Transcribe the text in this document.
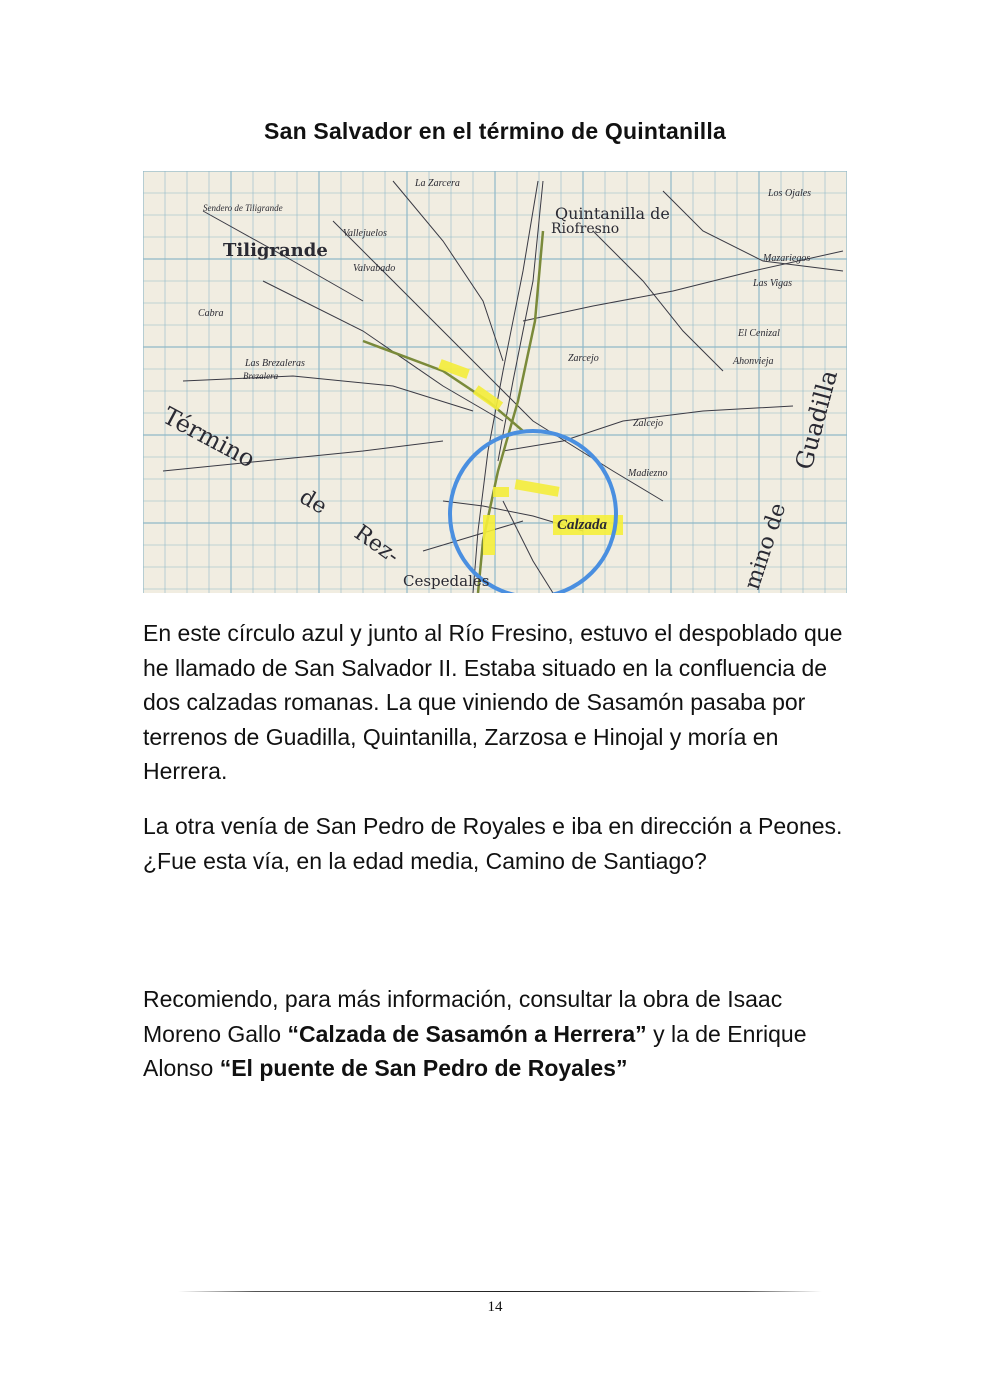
San Salvador en el término de Quintanilla
Quintanilla de
Riofresno
Tiligrande
Término
de
Rez-
Cespedales
Guadilla
mino de
Calzada
La Zarcera
Las Brezaleras
Madiezno
Zalcejo
Ahonvieja
El Cenizal
Los Ojales
Vallejuelos
Valvabado
Mazariegos
Las Vigas
Cabra
Brezalera
Sendero de Tiligrande
Zarcejo
En este círculo azul y junto al Río Fresino, estuvo el despoblado que he llamado de San Salvador II. Estaba situado en la confluencia de dos calzadas romanas. La que viniendo de Sasamón pasaba por terrenos de Guadilla, Quintanilla, Zarzosa e Hinojal y moría en Herrera.
La otra venía de San Pedro de Royales e iba en dirección a Peones. ¿Fue esta vía, en la edad media, Camino de Santiago?
Recomiendo, para más información, consultar la obra de Isaac Moreno Gallo “Calzada de Sasamón a Herrera” y la de Enrique Alonso “El puente de San Pedro de Royales”
14
